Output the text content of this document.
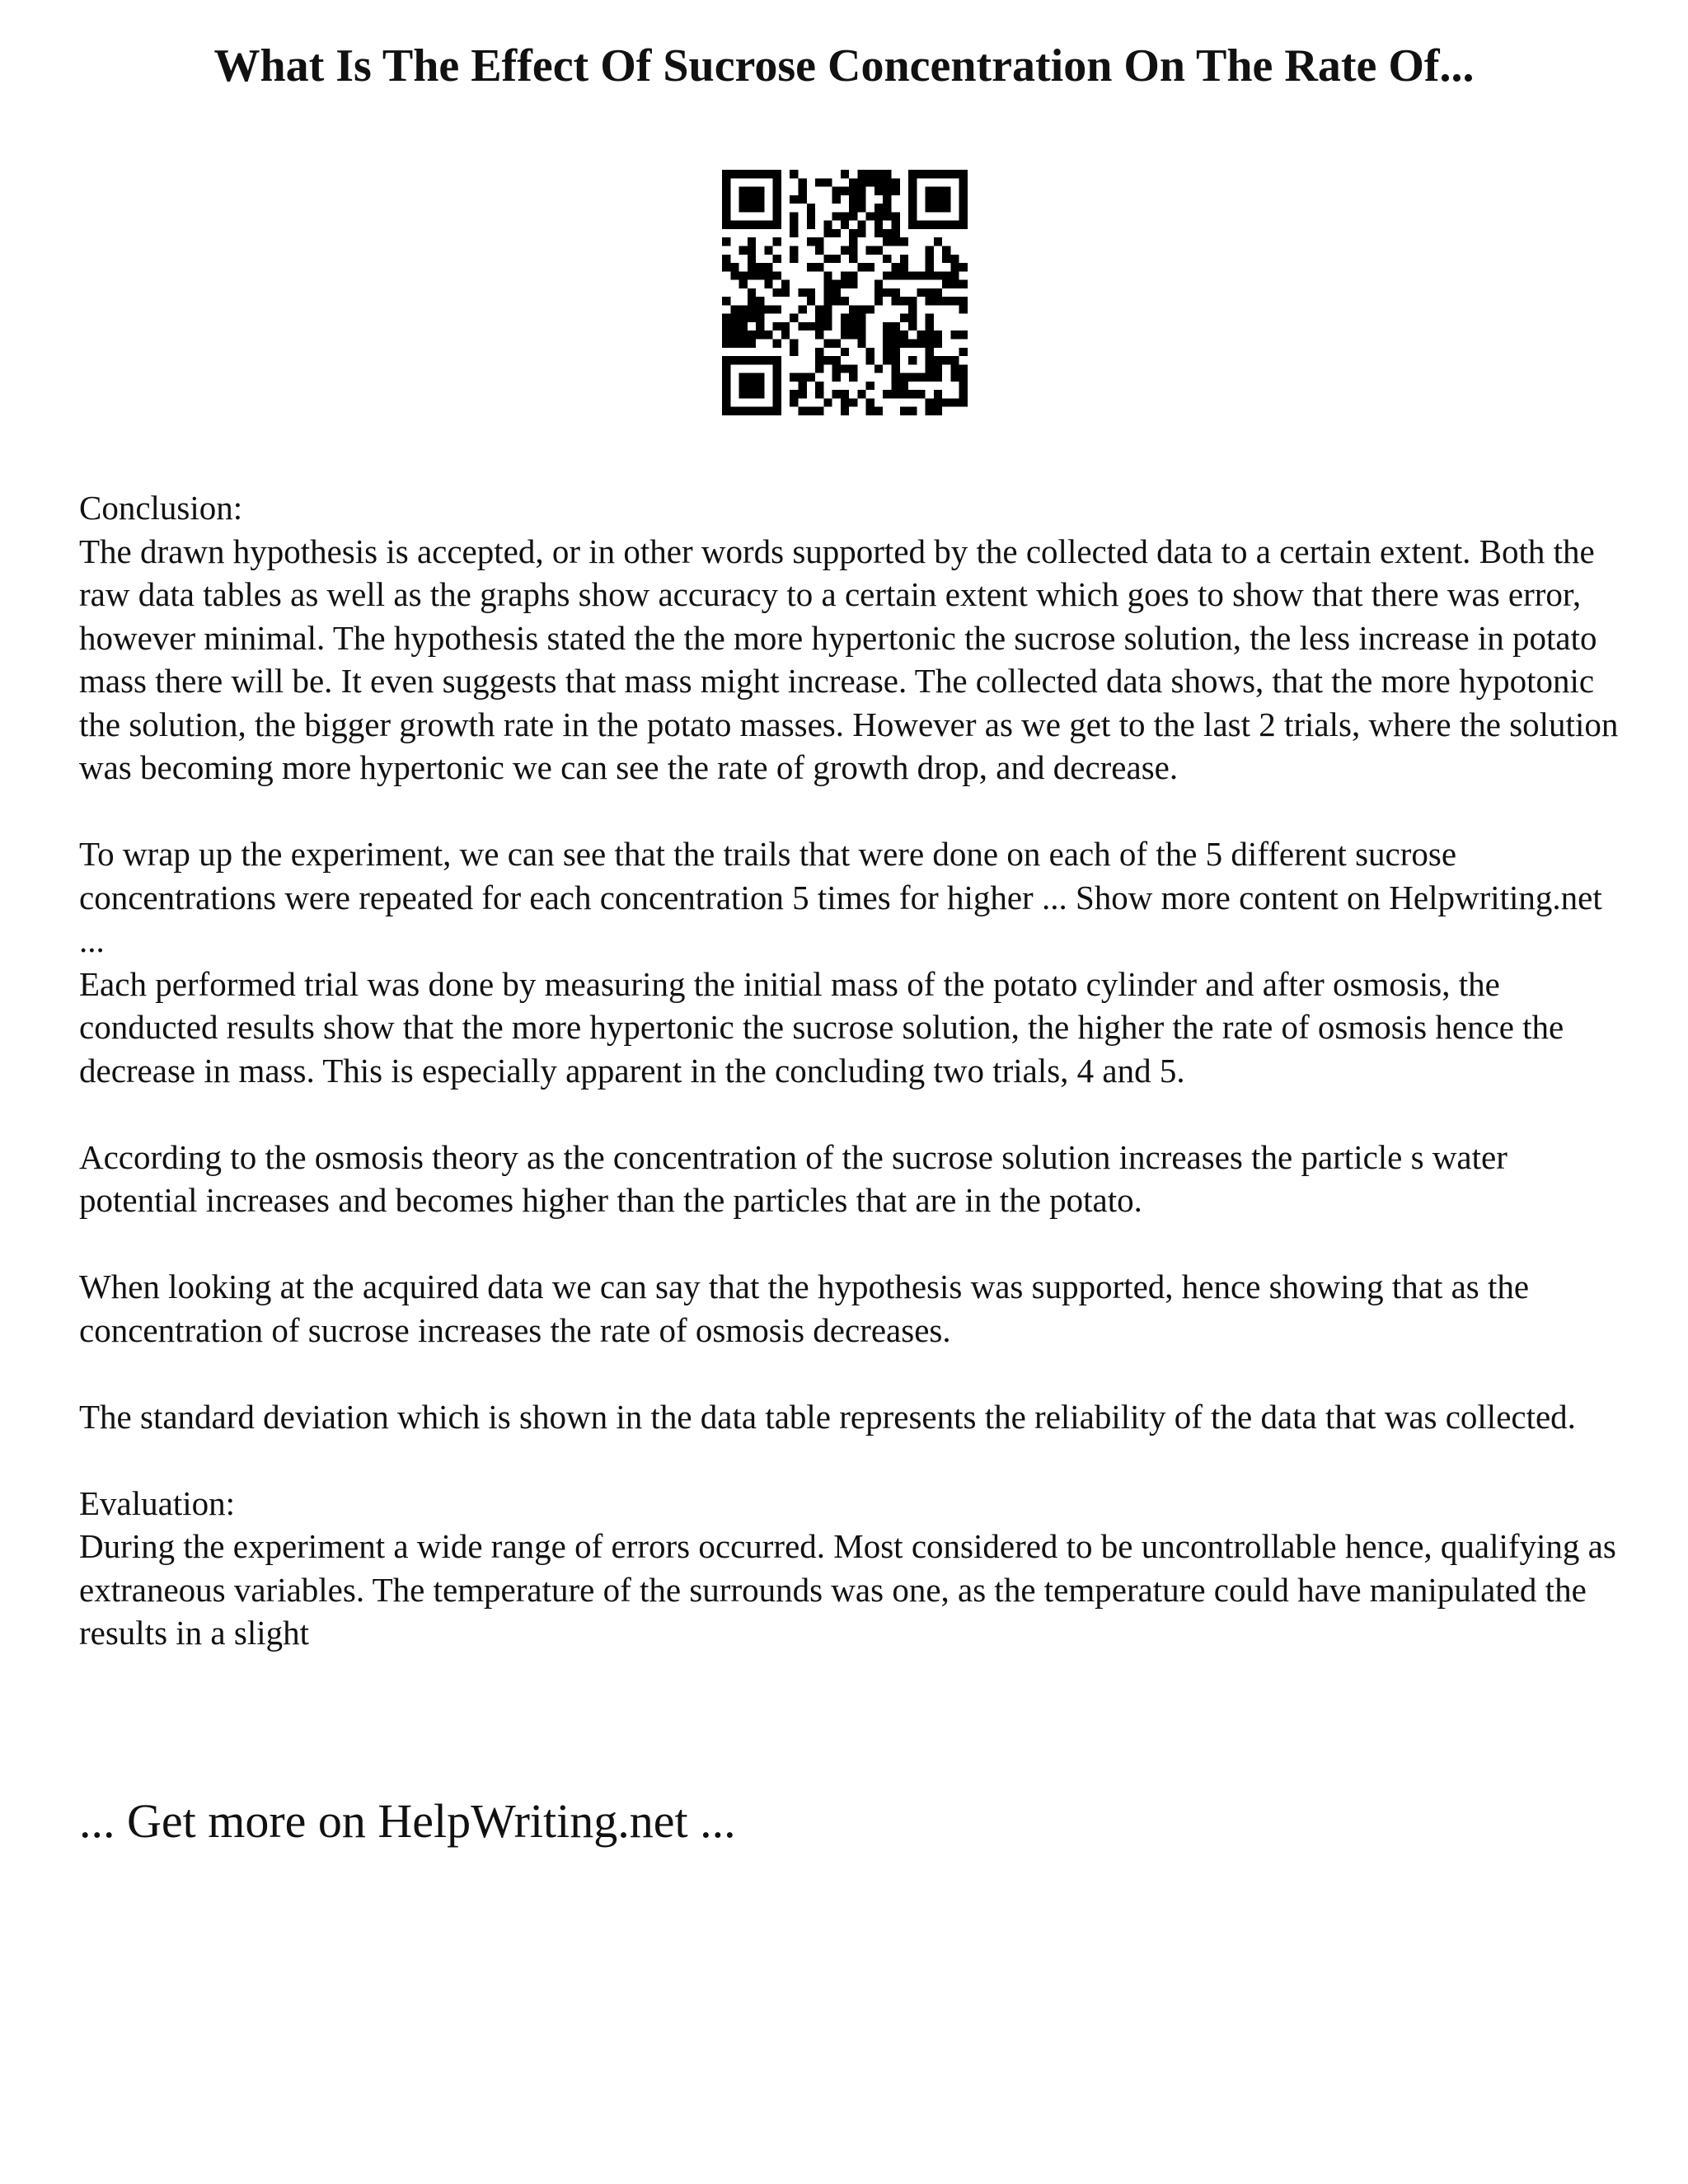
What Is The Effect Of Sucrose Concentration On The Rate Of...

Conclusion:

The drawn hypothesis is accepted, or in other words supported by the collected data to a certain extent. Both the raw data tables as well as the graphs show accuracy to a certain extent which goes to show that there was error, however minimal. The hypothesis stated the the more hypertonic the sucrose solution, the less increase in potato mass there will be. It even suggests that mass might increase. The collected data shows, that the more hypotonic the solution, the bigger growth rate in the potato masses. However as we get to the last 2 trials, where the solution was becoming more hypertonic we can see the rate of growth drop, and decrease.

To wrap up the experiment, we can see that the trails that were done on each of the 5 different sucrose concentrations were repeated for each concentration 5 times for higher ... Show more content on Helpwriting.net ...

Each performed trial was done by measuring the initial mass of the potato cylinder and after osmosis, the conducted results show that the more hypertonic the sucrose solution, the higher the rate of osmosis hence the decrease in mass. This is especially apparent in the concluding two trials, 4 and 5.

According to the osmosis theory as the concentration of the sucrose solution increases the particle s water potential increases and becomes higher than the particles that are in the potato.

When looking at the acquired data we can say that the hypothesis was supported, hence showing that as the concentration of sucrose increases the rate of osmosis decreases.

The standard deviation which is shown in the data table represents the reliability of the data that was collected.

Evaluation:

During the experiment a wide range of errors occurred. Most considered to be uncontrollable hence, qualifying as extraneous variables. The temperature of the surrounds was one, as the temperature could have manipulated the results in a slight

... Get more on HelpWriting.net ...
